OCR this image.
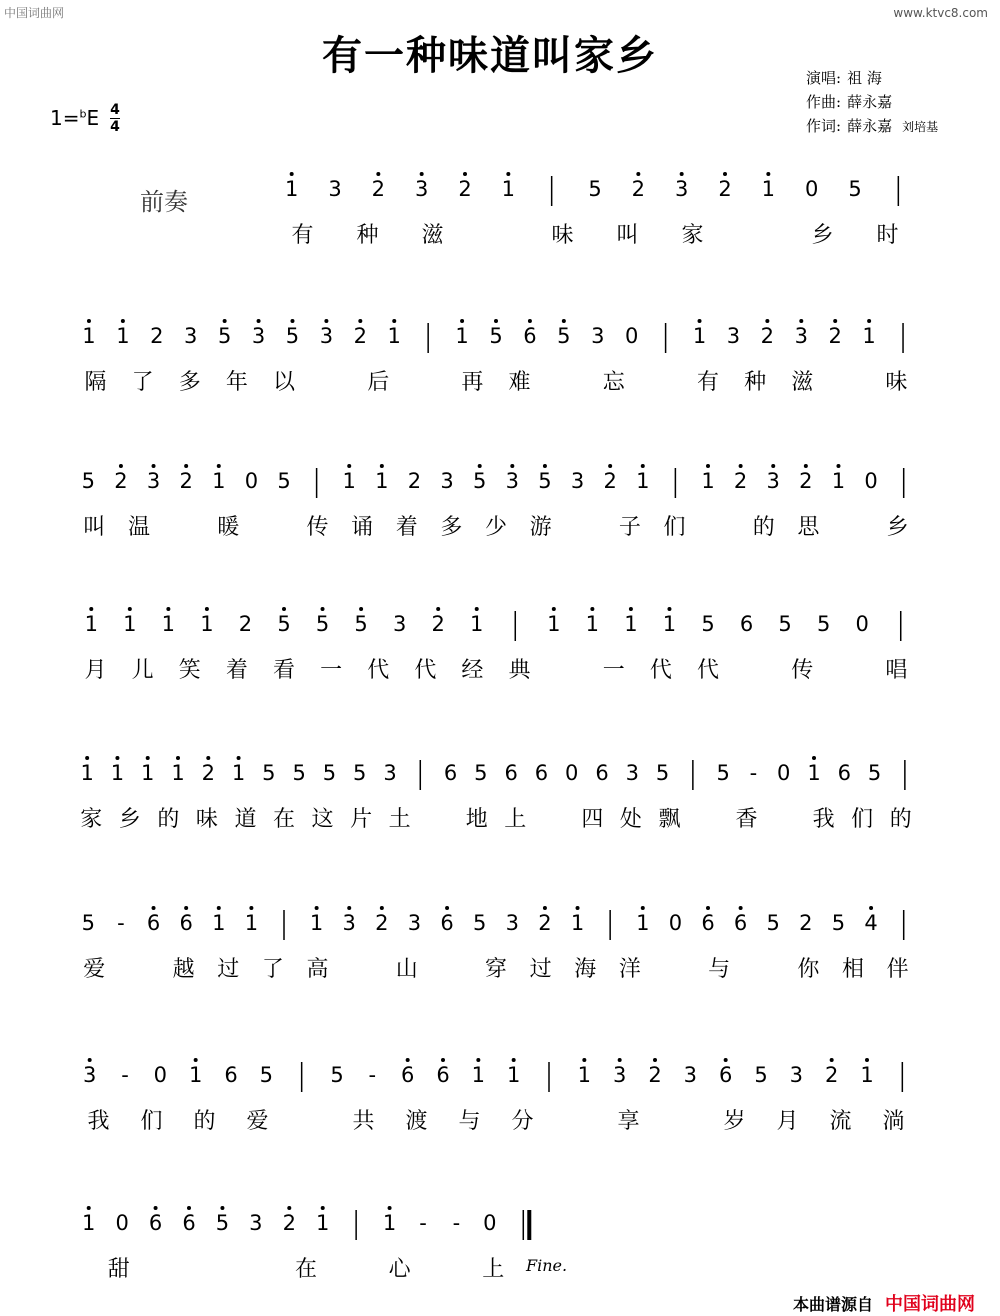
中国词曲网	www.ktvc8.com
有一种味道叫家乡	演唱: 祖 海
作曲: 薛永嘉
作词: 薛永嘉 刘培基
1=$^b$E 4
4
前奏	1 3 2 3 2 1	5 2 3 2 1 0 5
有 种 滋	味 叫 家	乡 时
1 1 2 3 5 3 5 3 2 1	1 5 6 5 3 0	1 3 2 3 2 1
隔 了 多 年 以	后	再 难	忘	有 种 滋	味
5 2 3 2 1 0 5 1 1 2 3 5 3 5 3 2 1 1 2 3 2 1 0
叫 温	暖	传 诵 着 多 少 游	子 们	的 思	乡
1 1 1 1 2 5 5 5 3 2 1	1 1 1 1 5 6 5 5 0
月 儿 笑 着 看 一 代 代 经 典	一 代 代	传	唱
1 1 1 1 2 1 5 5 5 5 3 6 5 6 6 0 6 3 5 5 - 0 1 6 5
家 乡 的 味 道 在 这 片 土	地 上	四 处 飘	香	我 们 的
5 - 6 6 1 1 1 3 2 3 6 5 3 2 1 1 0 6 6 5 2 5 4
爱	越 过 了 高	山	穿 过 海 洋	与	你 相 伴
3 - 0 1 6 5	5 - 6 6 1 1	1 3 2 3 6 5 3 2 1
我 们 的 爱	共 渡 与 分	享	岁 月 流 淌
1 0 6 6 5 3 2 1	1 - - 0
甜	在	心	上 Fine.
本曲谱源自 中国词曲网
